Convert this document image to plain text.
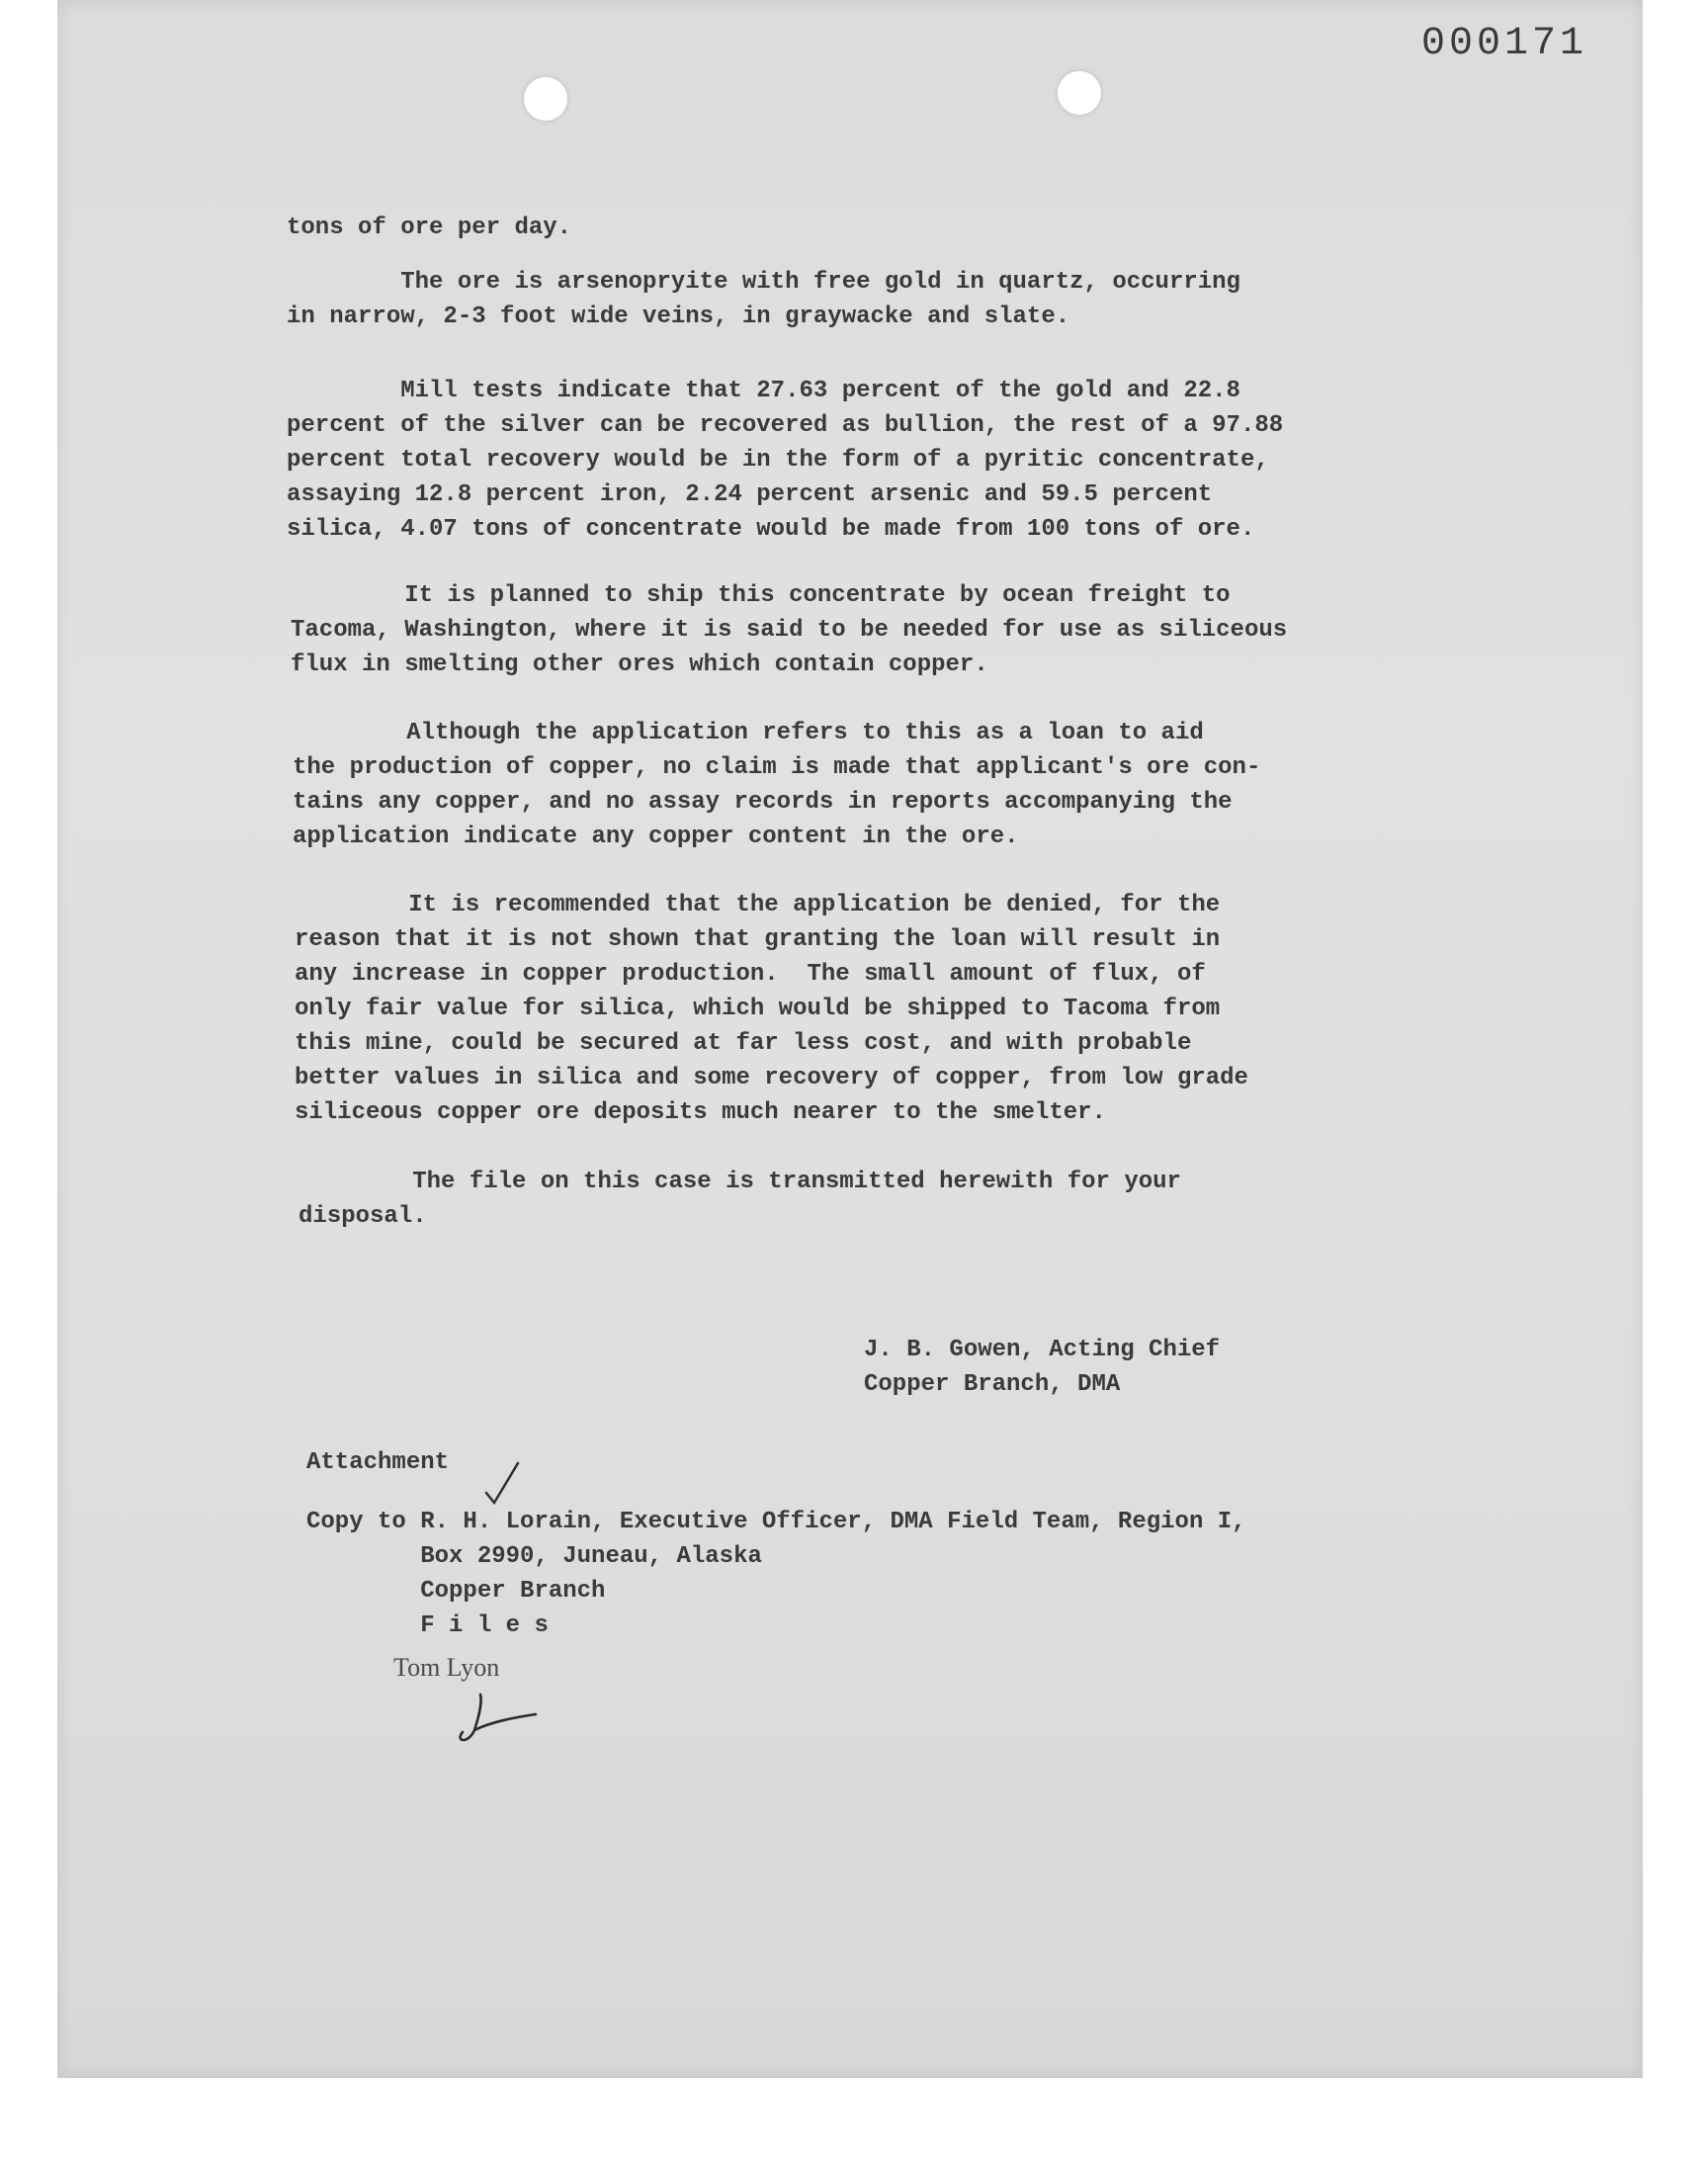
000171

tons of ore per day.

The ore is arsenopryite with free gold in quartz, occurring

in narrow, 2-3 foot wide veins, in graywacke and slate.

Mill tests indicate that 27.63 percent of the gold and 22.8

percent of the silver can be recovered as bullion, the rest of a 97.88

percent total recovery would be in the form of a pyritic concentrate,

assaying 12.8 percent iron, 2.24 percent arsenic and 59.5 percent

silica, 4.07 tons of concentrate would be made from 100 tons of ore.

It is planned to ship this concentrate by ocean freight to

Tacoma, Washington, where it is said to be needed for use as siliceous

flux in smelting other ores which contain copper.

Although the application refers to this as a loan to aid

the production of copper, no claim is made that applicant's ore con-

tains any copper, and no assay records in reports accompanying the

application indicate any copper content in the ore.

It is recommended that the application be denied, for the

reason that it is not shown that granting the loan will result in

any increase in copper production.  The small amount of flux, of

only fair value for silica, which would be shipped to Tacoma from

this mine, could be secured at far less cost, and with probable

better values in silica and some recovery of copper, from low grade

siliceous copper ore deposits much nearer to the smelter.

The file on this case is transmitted herewith for your

disposal.

J. B. Gowen, Acting Chief

Copper Branch, DMA

Attachment

Copy to R. H. Lorain, Executive Officer, DMA Field Team, Region I,

Box 2990, Juneau, Alaska

Copper Branch

F i l e s

Tom Lyon
